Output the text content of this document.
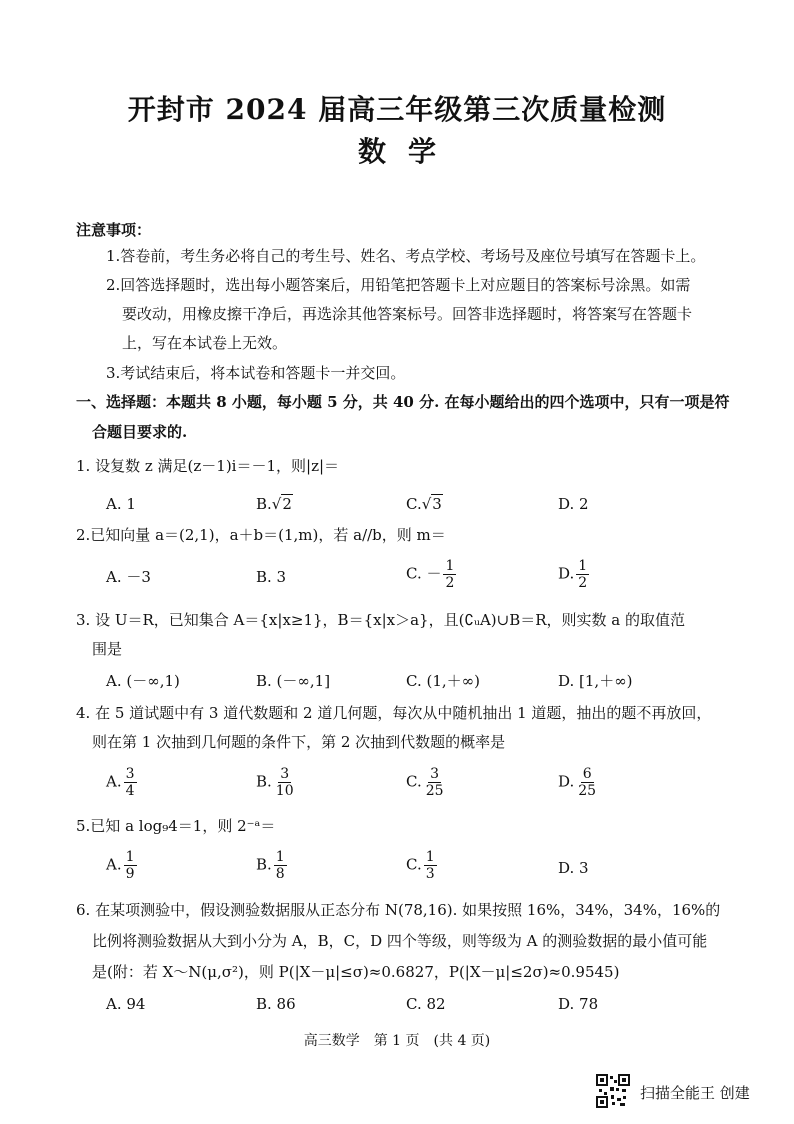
开封市 2024 届高三年级第三次质量检测
数学
注意事项：
1.答卷前，考生务必将自己的考生号、姓名、考点学校、考场号及座位号填写在答题卡上。
2.回答选择题时，选出每小题答案后，用铅笔把答题卡上对应题目的答案标号涂黑。如需
要改动，用橡皮擦干净后，再选涂其他答案标号。回答非选择题时，将答案写在答题卡
上，写在本试卷上无效。
3.考试结束后，将本试卷和答题卡一并交回。
一、选择题：本题共 8 小题，每小题 5 分，共 40 分. 在每小题给出的四个选项中，只有一项是符
合题目要求的.
1. 设复数 z 满足(z－1)i＝－1，则|z|＝
A. 1	B.√2	C.√3	D. 2
2.已知向量 a＝(2,1)，a＋b＝(1,m)，若 a//b，则 m＝
A. －3	B. 3	C. － $\frac{1}{2}$	D. $\frac{1}{2}$
3. 设 U＝R，已知集合 A＝{x|x≥1}，B＝{x|x＞a}，且(∁ᵤA)∪B＝R，则实数 a 的取值范
围是
A. (－∞,1)	B. (－∞,1]	C. (1,＋∞)	D. [1,＋∞)
4. 在 5 道试题中有 3 道代数题和 2 道几何题，每次从中随机抽出 1 道题，抽出的题不再放回，
则在第 1 次抽到几何题的条件下，第 2 次抽到代数题的概率是
A. $\frac{3}{4}$	B. $\frac{3}{10}$	C. $\frac{3}{25}$	D. $\frac{6}{25}$
5.已知 a log₉4＝1，则 2⁻ᵃ＝
A. $\frac{1}{9}$	B. $\frac{1}{8}$	C. $\frac{1}{3}$	D. 3
6. 在某项测验中，假设测验数据服从正态分布 N(78,16). 如果按照 16%，34%，34%，16%的
比例将测验数据从大到小分为 A，B，C，D 四个等级，则等级为 A 的测验数据的最小值可能
是(附：若 X～N(μ,σ²)，则 P(|X－μ|≤σ)≈0.6827，P(|X－μ|≤2σ)≈0.9545)
A. 94	B. 86	C. 82	D. 78
高三数学　第 1 页　(共 4 页)
扫描全能王 创建
